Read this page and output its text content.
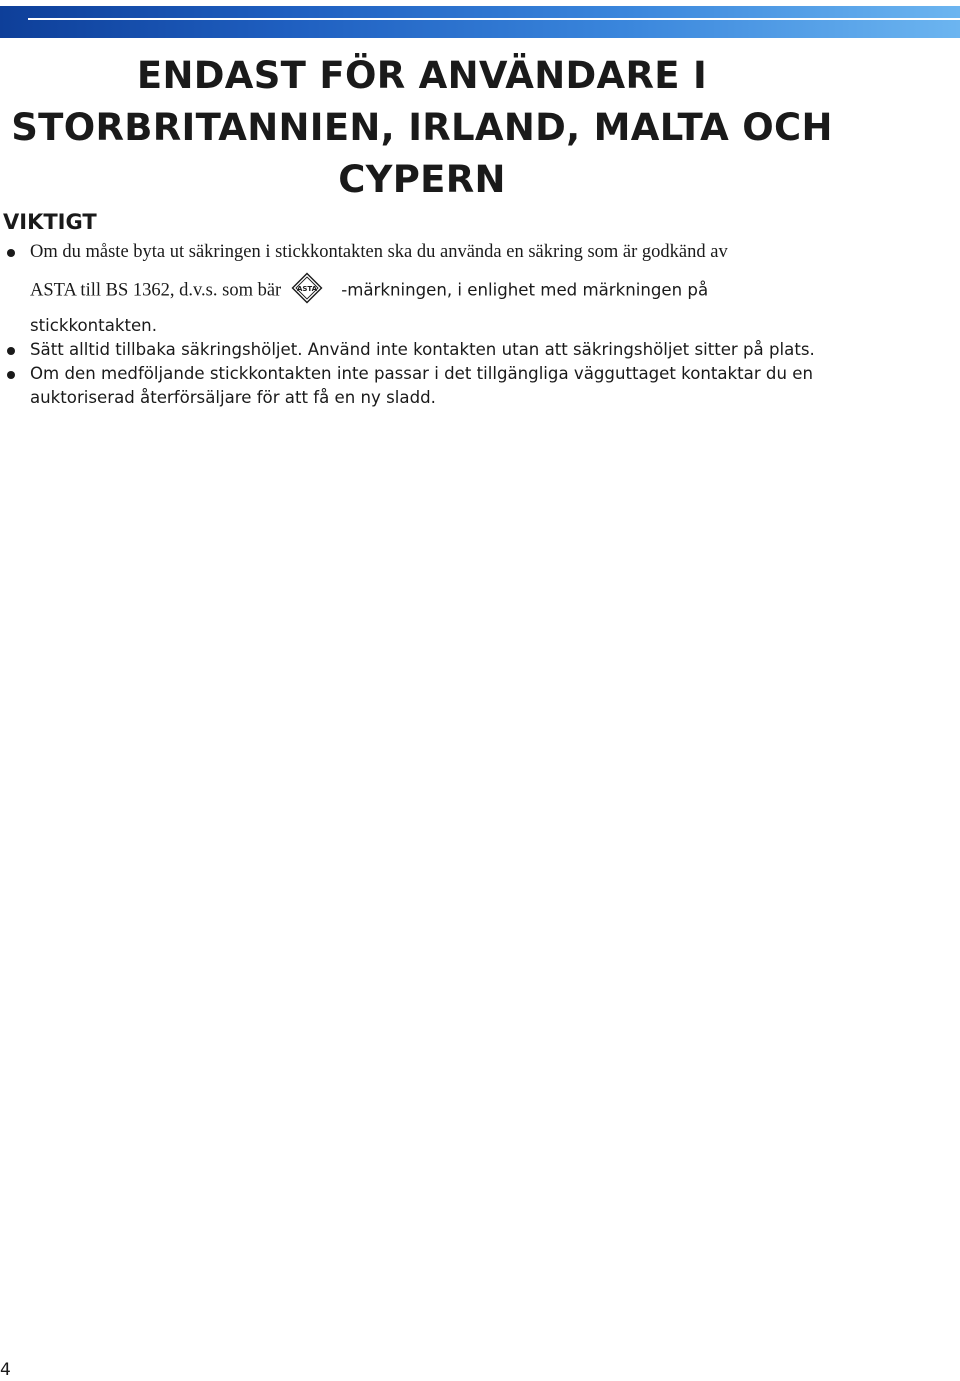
ENDAST FÖR ANVÄNDARE I
STORBRITANNIEN, IRLAND, MALTA OCH
CYPERN
VIKTIGT

Om du måste byta ut säkringen i stickkontakten ska du använda en säkring som är godkänd av

ASTA till BS 1362, d.v.s. som bär ASTA -märkningen, i enlighet med märkningen på

stickkontakten.

Sätt alltid tillbaka säkringshöljet. Använd inte kontakten utan att säkringshöljet sitter på plats.

Om den medföljande stickkontakten inte passar i det tillgängliga vägguttaget kontaktar du en

auktoriserad återförsäljare för att få en ny sladd.

4
